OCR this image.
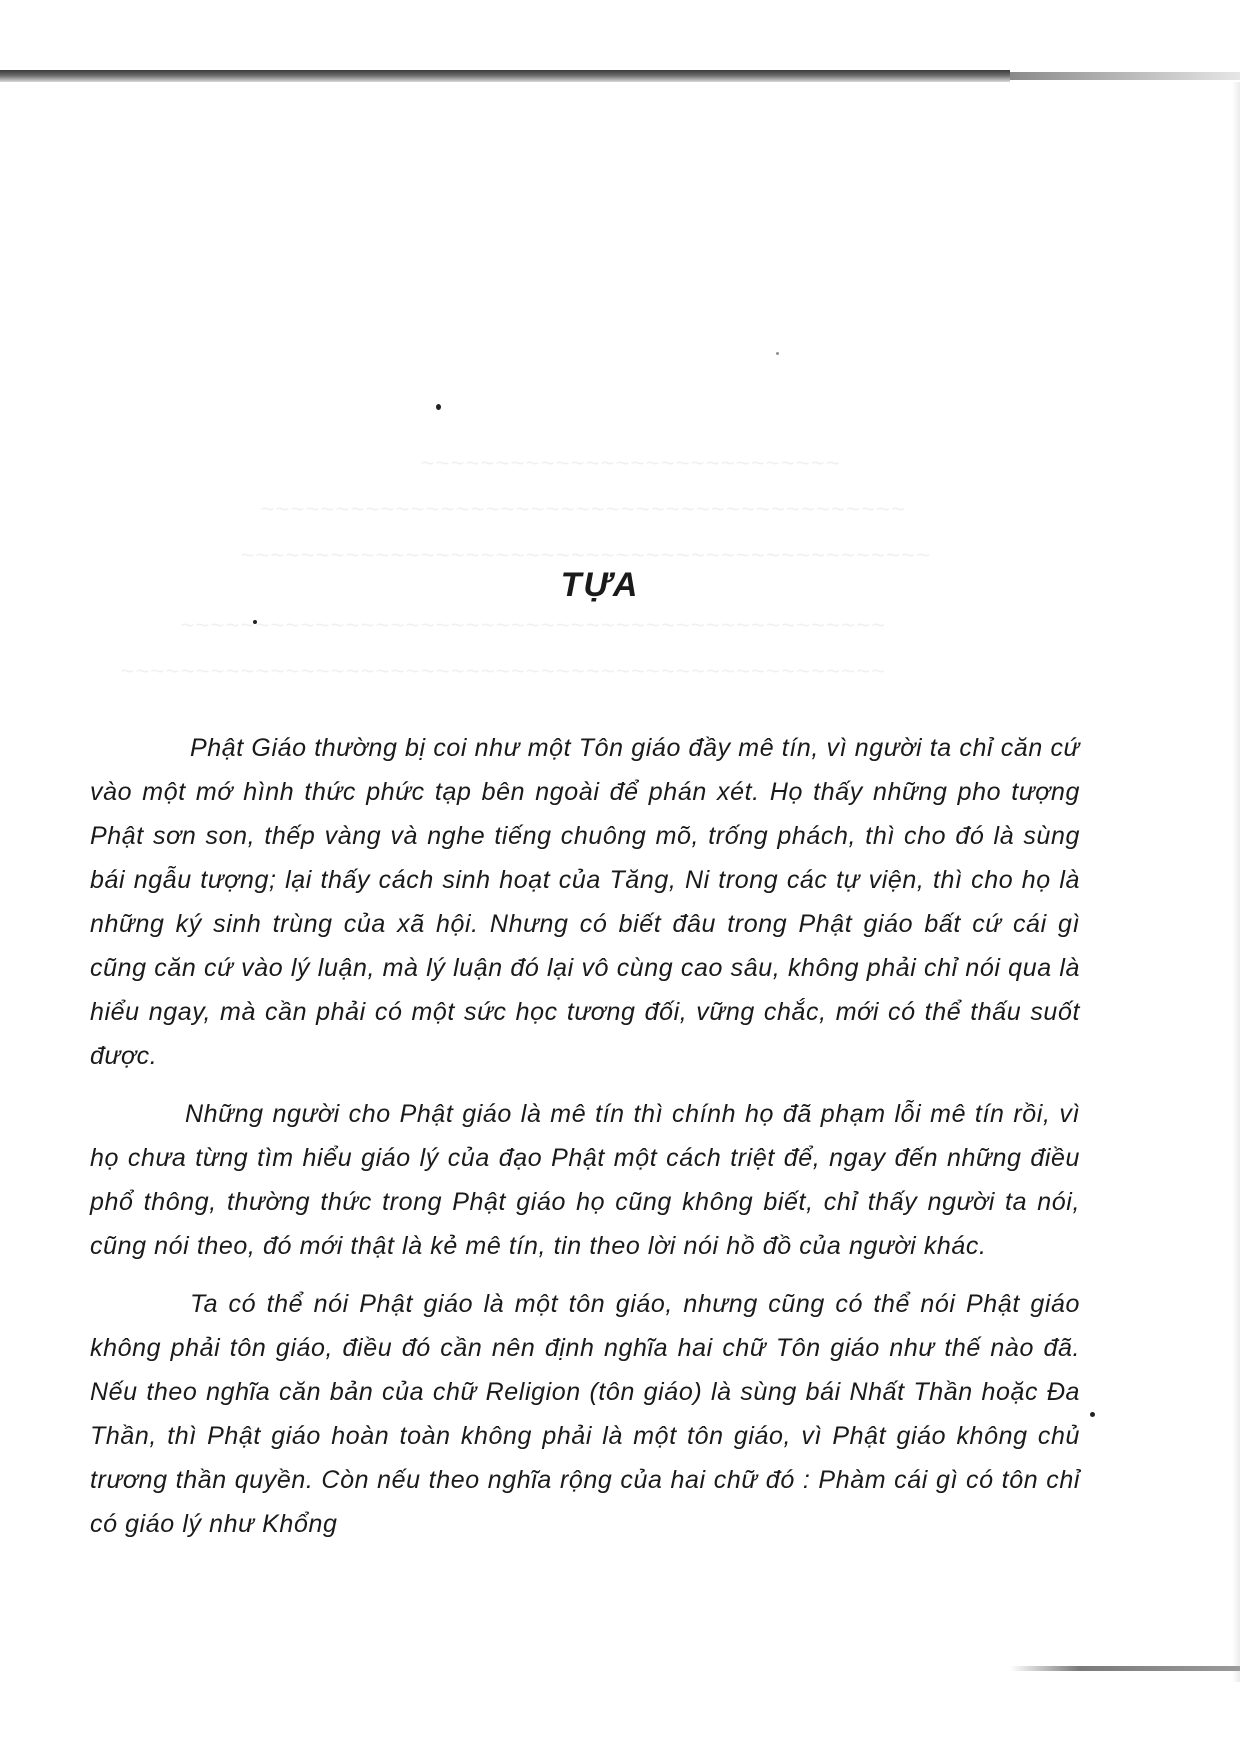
~~~~~~~~~~~~~~~~~~~~~~~~~~~~
~~~~~~~~~~~~~~~~~~~~~~~~~~~~~~~~~~~~~~~~~~~
~~~~~~~~~~~~~~~~~~~~~~~~~~~~~~~~~~~~~~~~~~~~~~
~~~~~~~~~~~~~~~~~~~~~~~~~~~~~~~~~~~~~~~~~~~~~~~
~~~~~~~~~~~~~~~~~~~~~~~~~~~~~~~~~~~~~~~~~~~~~~~~~~~
TỰA

Phật Giáo thường bị coi như một Tôn giáo đầy mê tín, vì người ta chỉ căn cứ vào một mớ hình thức phức tạp bên ngoài để phán xét. Họ thấy những pho tượng Phật sơn son, thếp vàng và nghe tiếng chuông mõ, trống phách, thì cho đó là sùng bái ngẫu tượng; lại thấy cách sinh hoạt của Tăng, Ni trong các tự viện, thì cho họ là những ký sinh trùng của xã hội. Nhưng có biết đâu trong Phật giáo bất cứ cái gì cũng căn cứ vào lý luận, mà lý luận đó lại vô cùng cao sâu, không phải chỉ nói qua là hiểu ngay, mà cần phải có một sức học tương đối, vững chắc, mới có thể thấu suốt được.

Những người cho Phật giáo là mê tín thì chính họ đã phạm lỗi mê tín rồi, vì họ chưa từng tìm hiểu giáo lý của đạo Phật một cách triệt để, ngay đến những điều phổ thông, thường thức trong Phật giáo họ cũng không biết, chỉ thấy người ta nói, cũng nói theo, đó mới thật là kẻ mê tín, tin theo lời nói hồ đồ của người khác.

Ta có thể nói Phật giáo là một tôn giáo, nhưng cũng có thể nói Phật giáo không phải tôn giáo, điều đó cần nên định nghĩa hai chữ Tôn giáo như thế nào đã. Nếu theo nghĩa căn bản của chữ Religion (tôn giáo) là sùng bái Nhất Thần hoặc Đa Thần, thì Phật giáo hoàn toàn không phải là một tôn giáo, vì Phật giáo không chủ trương thần quyền. Còn nếu theo nghĩa rộng của hai chữ đó : Phàm cái gì có tôn chỉ có giáo lý như Khổng
